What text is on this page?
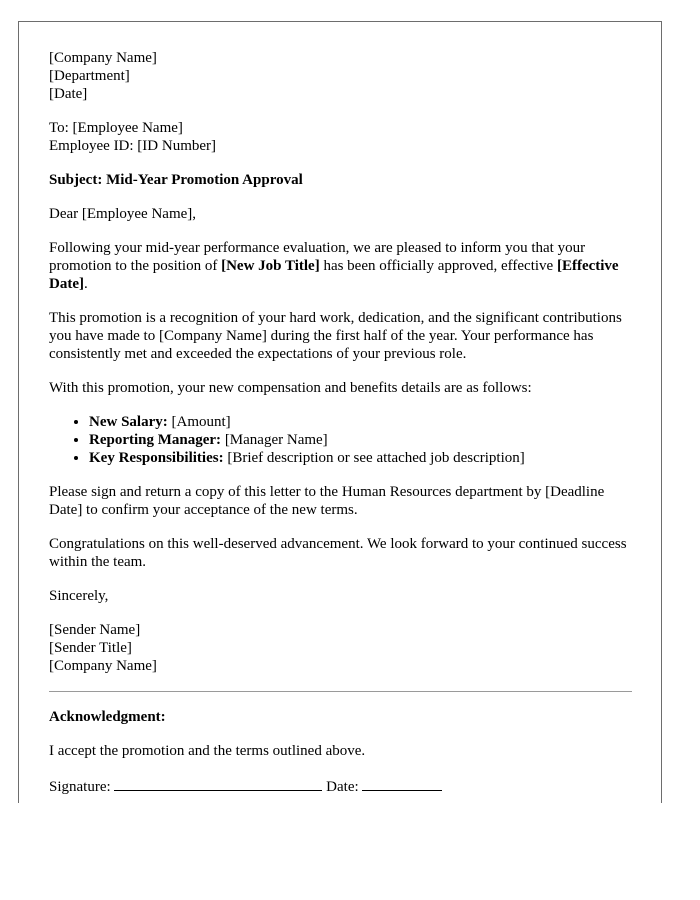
[Company Name]

[Department]

[Date]

To: [Employee Name]

Employee ID: [ID Number]

Subject: Mid-Year Promotion Approval

Dear [Employee Name],

Following your mid-year performance evaluation, we are pleased to inform you that your promotion to the position of [New Job Title] has been officially approved, effective [Effective Date].

This promotion is a recognition of your hard work, dedication, and the significant contributions you have made to [Company Name] during the first half of the year. Your performance has consistently met and exceeded the expectations of your previous role.

With this promotion, your new compensation and benefits details are as follows:

• New Salary: [Amount]
• Reporting Manager: [Manager Name]
• Key Responsibilities: [Brief description or see attached job description]

Please sign and return a copy of this letter to the Human Resources department by [Deadline Date] to confirm your acceptance of the new terms.

Congratulations on this well-deserved advancement. We look forward to your continued success within the team.

Sincerely,

[Sender Name]

[Sender Title]

[Company Name]

Acknowledgment:

I accept the promotion and the terms outlined above.

Signature:	Date:
